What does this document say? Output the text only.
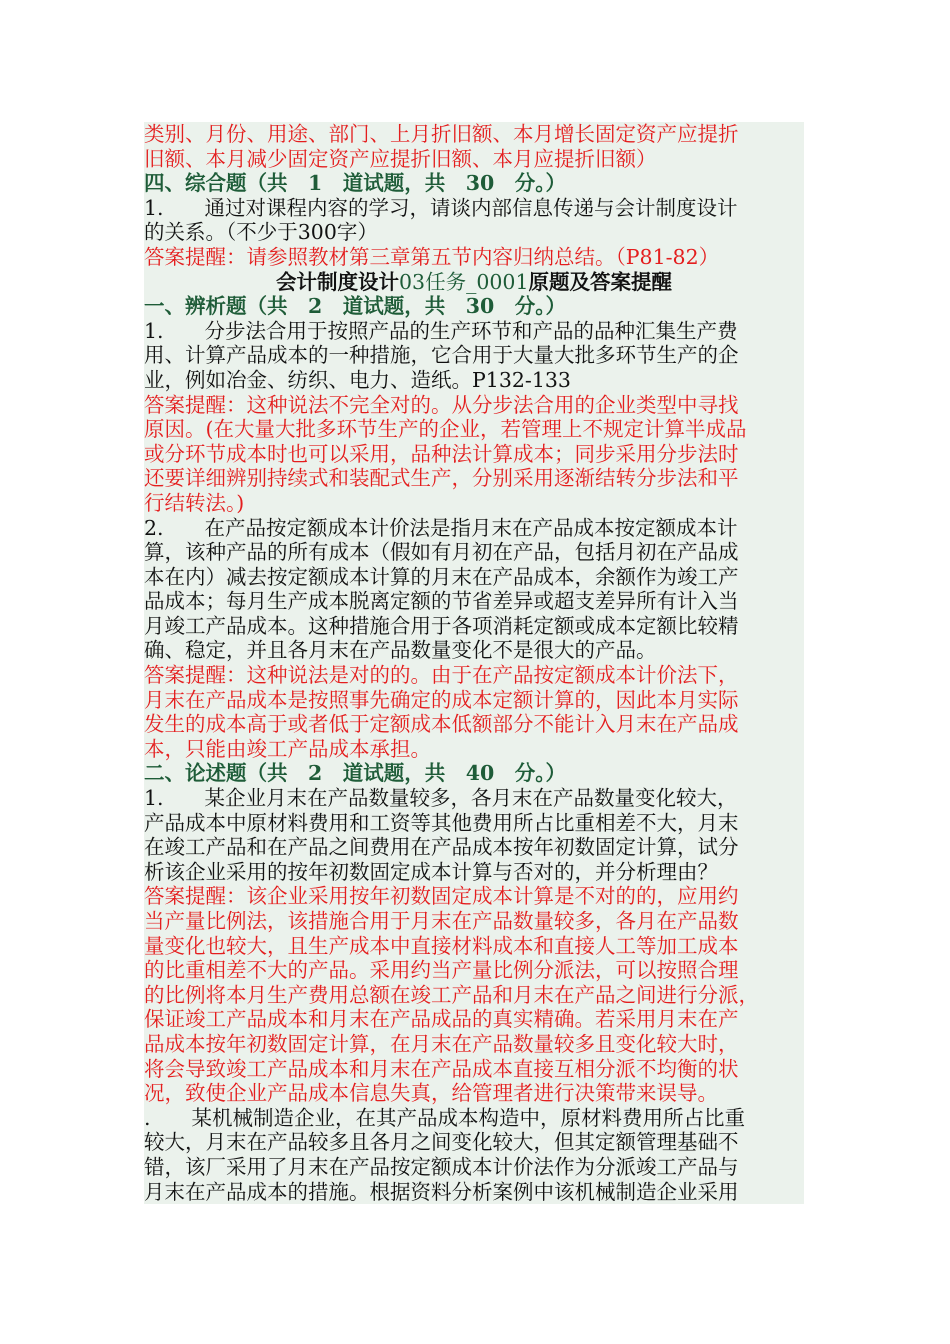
类别、月份、用途、部门、上月折旧额、本月增长固定资产应提折
旧额、本月减少固定资产应提折旧额、本月应提折旧额）
四、综合题（共　1　道试题，共　30　分。）
1.　　通过对课程内容的学习，请谈内部信息传递与会计制度设计
的关系。（不少于300字）
答案提醒：请参照教材第三章第五节内容归纳总结。（P81-82）
会计制度设计03任务_0001原题及答案提醒
一、辨析题（共　2　道试题，共　30　分。）
1.　　分步法合用于按照产品的生产环节和产品的品种汇集生产费
用、计算产品成本的一种措施，它合用于大量大批多环节生产的企
业，例如冶金、纺织、电力、造纸。P132-133
答案提醒：这种说法不完全对的。从分步法合用的企业类型中寻找
原因。(在大量大批多环节生产的企业，若管理上不规定计算半成品
或分环节成本时也可以采用，品种法计算成本；同步采用分步法时
还要详细辨别持续式和装配式生产，分别采用逐渐结转分步法和平
行结转法。)
2.　　在产品按定额成本计价法是指月末在产品成本按定额成本计
算，该种产品的所有成本（假如有月初在产品，包括月初在产品成
本在内）减去按定额成本计算的月末在产品成本，余额作为竣工产
品成本；每月生产成本脱离定额的节省差异或超支差异所有计入当
月竣工产品成本。这种措施合用于各项消耗定额或成本定额比较精
确、稳定，并且各月末在产品数量变化不是很大的产品。
答案提醒：这种说法是对的的。由于在产品按定额成本计价法下，
月末在产品成本是按照事先确定的成本定额计算的，因此本月实际
发生的成本高于或者低于定额成本低额部分不能计入月末在产品成
本，只能由竣工产品成本承担。
二、论述题（共　2　道试题，共　40　分。）
1.　　某企业月末在产品数量较多，各月末在产品数量变化较大，
产品成本中原材料费用和工资等其他费用所占比重相差不大，月末
在竣工产品和在产品之间费用在产品成本按年初数固定计算，试分
析该企业采用的按年初数固定成本计算与否对的，并分析理由？
答案提醒：该企业采用按年初数固定成本计算是不对的的，应用约
当产量比例法，该措施合用于月末在产品数量较多，各月在产品数
量变化也较大，且生产成本中直接材料成本和直接人工等加工成本
的比重相差不大的产品。采用约当产量比例分派法，可以按照合理
的比例将本月生产费用总额在竣工产品和月末在产品之间进行分派，
保证竣工产品成本和月末在产品成品的真实精确。若采用月末在产
品成本按年初数固定计算，在月末在产品数量较多且变化较大时，
将会导致竣工产品成本和月末在产品成本直接互相分派不均衡的状
况，致使企业产品成本信息失真，给管理者进行决策带来误导。
.　　某机械制造企业，在其产品成本构造中，原材料费用所占比重
较大，月末在产品较多且各月之间变化较大，但其定额管理基础不
错，该厂采用了月末在产品按定额成本计价法作为分派竣工产品与
月末在产品成本的措施。根据资料分析案例中该机械制造企业采用
